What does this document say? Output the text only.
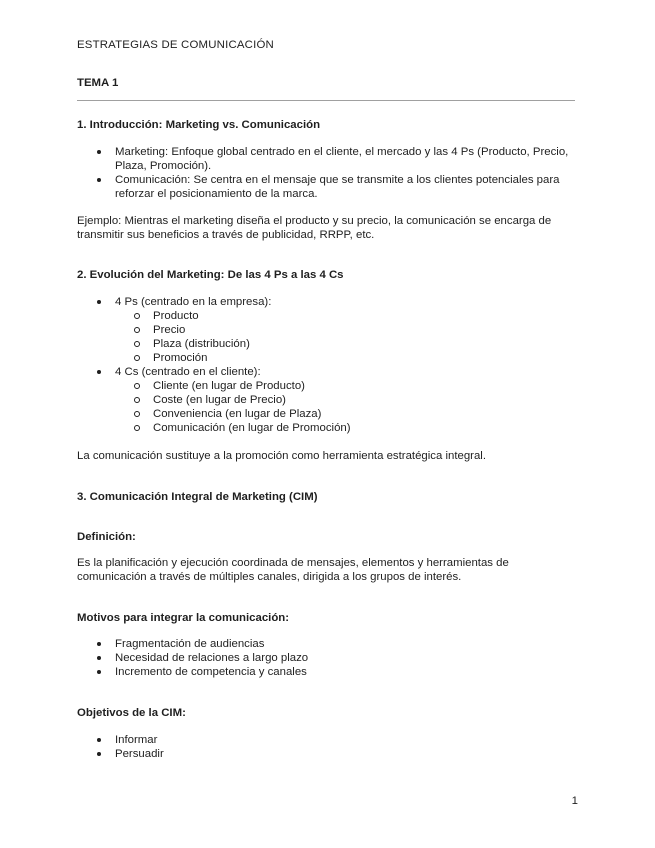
ESTRATEGIAS DE COMUNICACIÓN

TEMA 1

1. Introducción: Marketing vs. Comunicación

Marketing: Enfoque global centrado en el cliente, el mercado y las 4 Ps (Producto, Precio, Plaza, Promoción).
Comunicación: Se centra en el mensaje que se transmite a los clientes potenciales para reforzar el posicionamiento de la marca.

Ejemplo: Mientras el marketing diseña el producto y su precio, la comunicación se encarga de transmitir sus beneficios a través de publicidad, RRPP, etc.

2. Evolución del Marketing: De las 4 Ps a las 4 Cs

4 Ps (centrado en la empresa):
Producto
Precio
Plaza (distribución)
Promoción
4 Cs (centrado en el cliente):
Cliente (en lugar de Producto)
Coste (en lugar de Precio)
Conveniencia (en lugar de Plaza)
Comunicación (en lugar de Promoción)

La comunicación sustituye a la promoción como herramienta estratégica integral.

3. Comunicación Integral de Marketing (CIM)

Definición:

Es la planificación y ejecución coordinada de mensajes, elementos y herramientas de comunicación a través de múltiples canales, dirigida a los grupos de interés.

Motivos para integrar la comunicación:

Fragmentación de audiencias
Necesidad de relaciones a largo plazo
Incremento de competencia y canales

Objetivos de la CIM:

Informar
Persuadir
1
